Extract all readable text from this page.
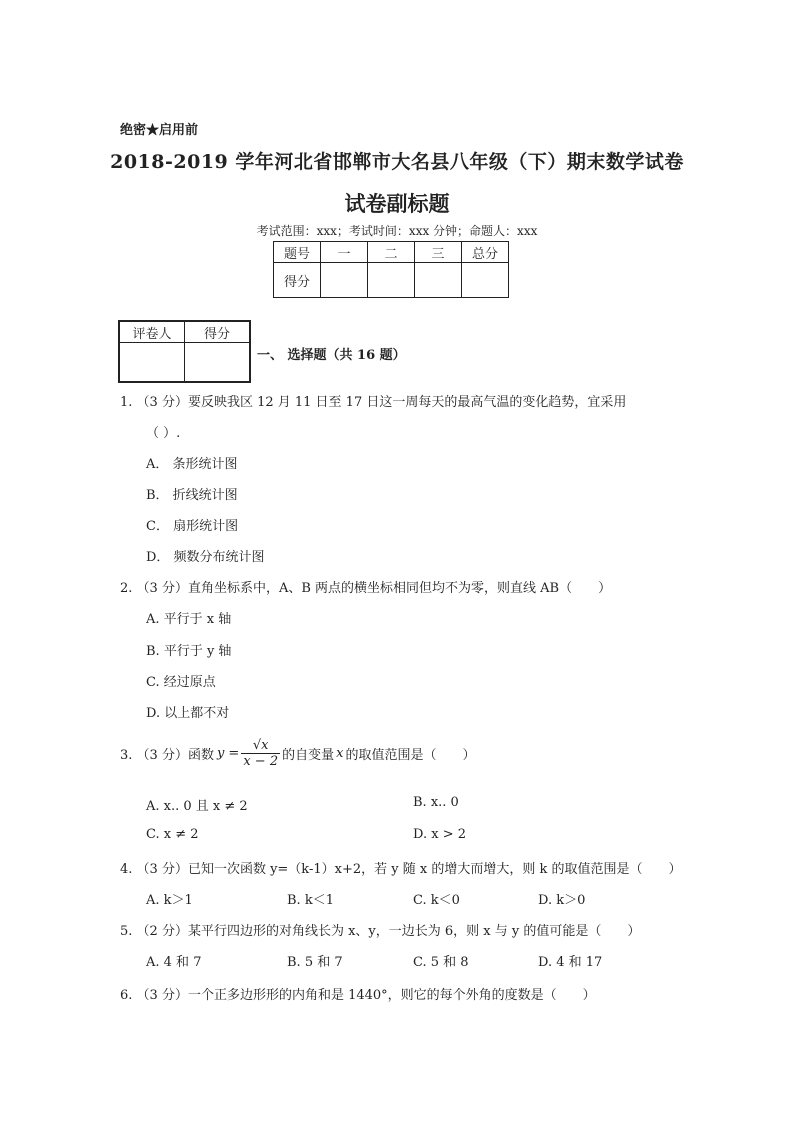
绝密★启用前
2018-2019 学年河北省邯郸市大名县八年级（下）期末数学试卷
试卷副标题
考试范围：xxx；考试时间：xxx 分钟；命题人：xxx
题号	一	二	三	总分
得分				
评卷人	得分

一、 选择题（共 16 题）
1. （3 分）要反映我区 12 月 11 日至 17 日这一周每天的最高气温的变化趋势，宜采用
（ ）.
A． 条形统计图
B． 折线统计图
C． 扇形统计图
D． 频数分布统计图
2. （3 分）直角坐标系中，A、B 两点的横坐标相同但均不为零，则直线 AB（　　）
A. 平行于 x 轴
B. 平行于 y 轴
C. 经过原点
D. 以上都不对
3. （3 分）函数 $y = \frac{√x}{x - 2}$ 的自变量 x 的取值范围是（　　）
A. x.. 0 且 x ≠ 2	B. x.. 0
C. x ≠ 2	D. x > 2
4. （3 分）已知一次函数 y=（k-1）x+2，若 y 随 x 的增大而增大，则 k 的取值范围是（　　）
A. k＞1	B. k＜1	C. k＜0	D. k＞0
5. （2 分）某平行四边形的对角线长为 x、y，一边长为 6，则 x 与 y 的值可能是（　　）
A. 4 和 7	B. 5 和 7	C. 5 和 8	D. 4 和 17
6. （3 分）一个正多边形形的内角和是 1440°，则它的每个外角的度数是（　　）
